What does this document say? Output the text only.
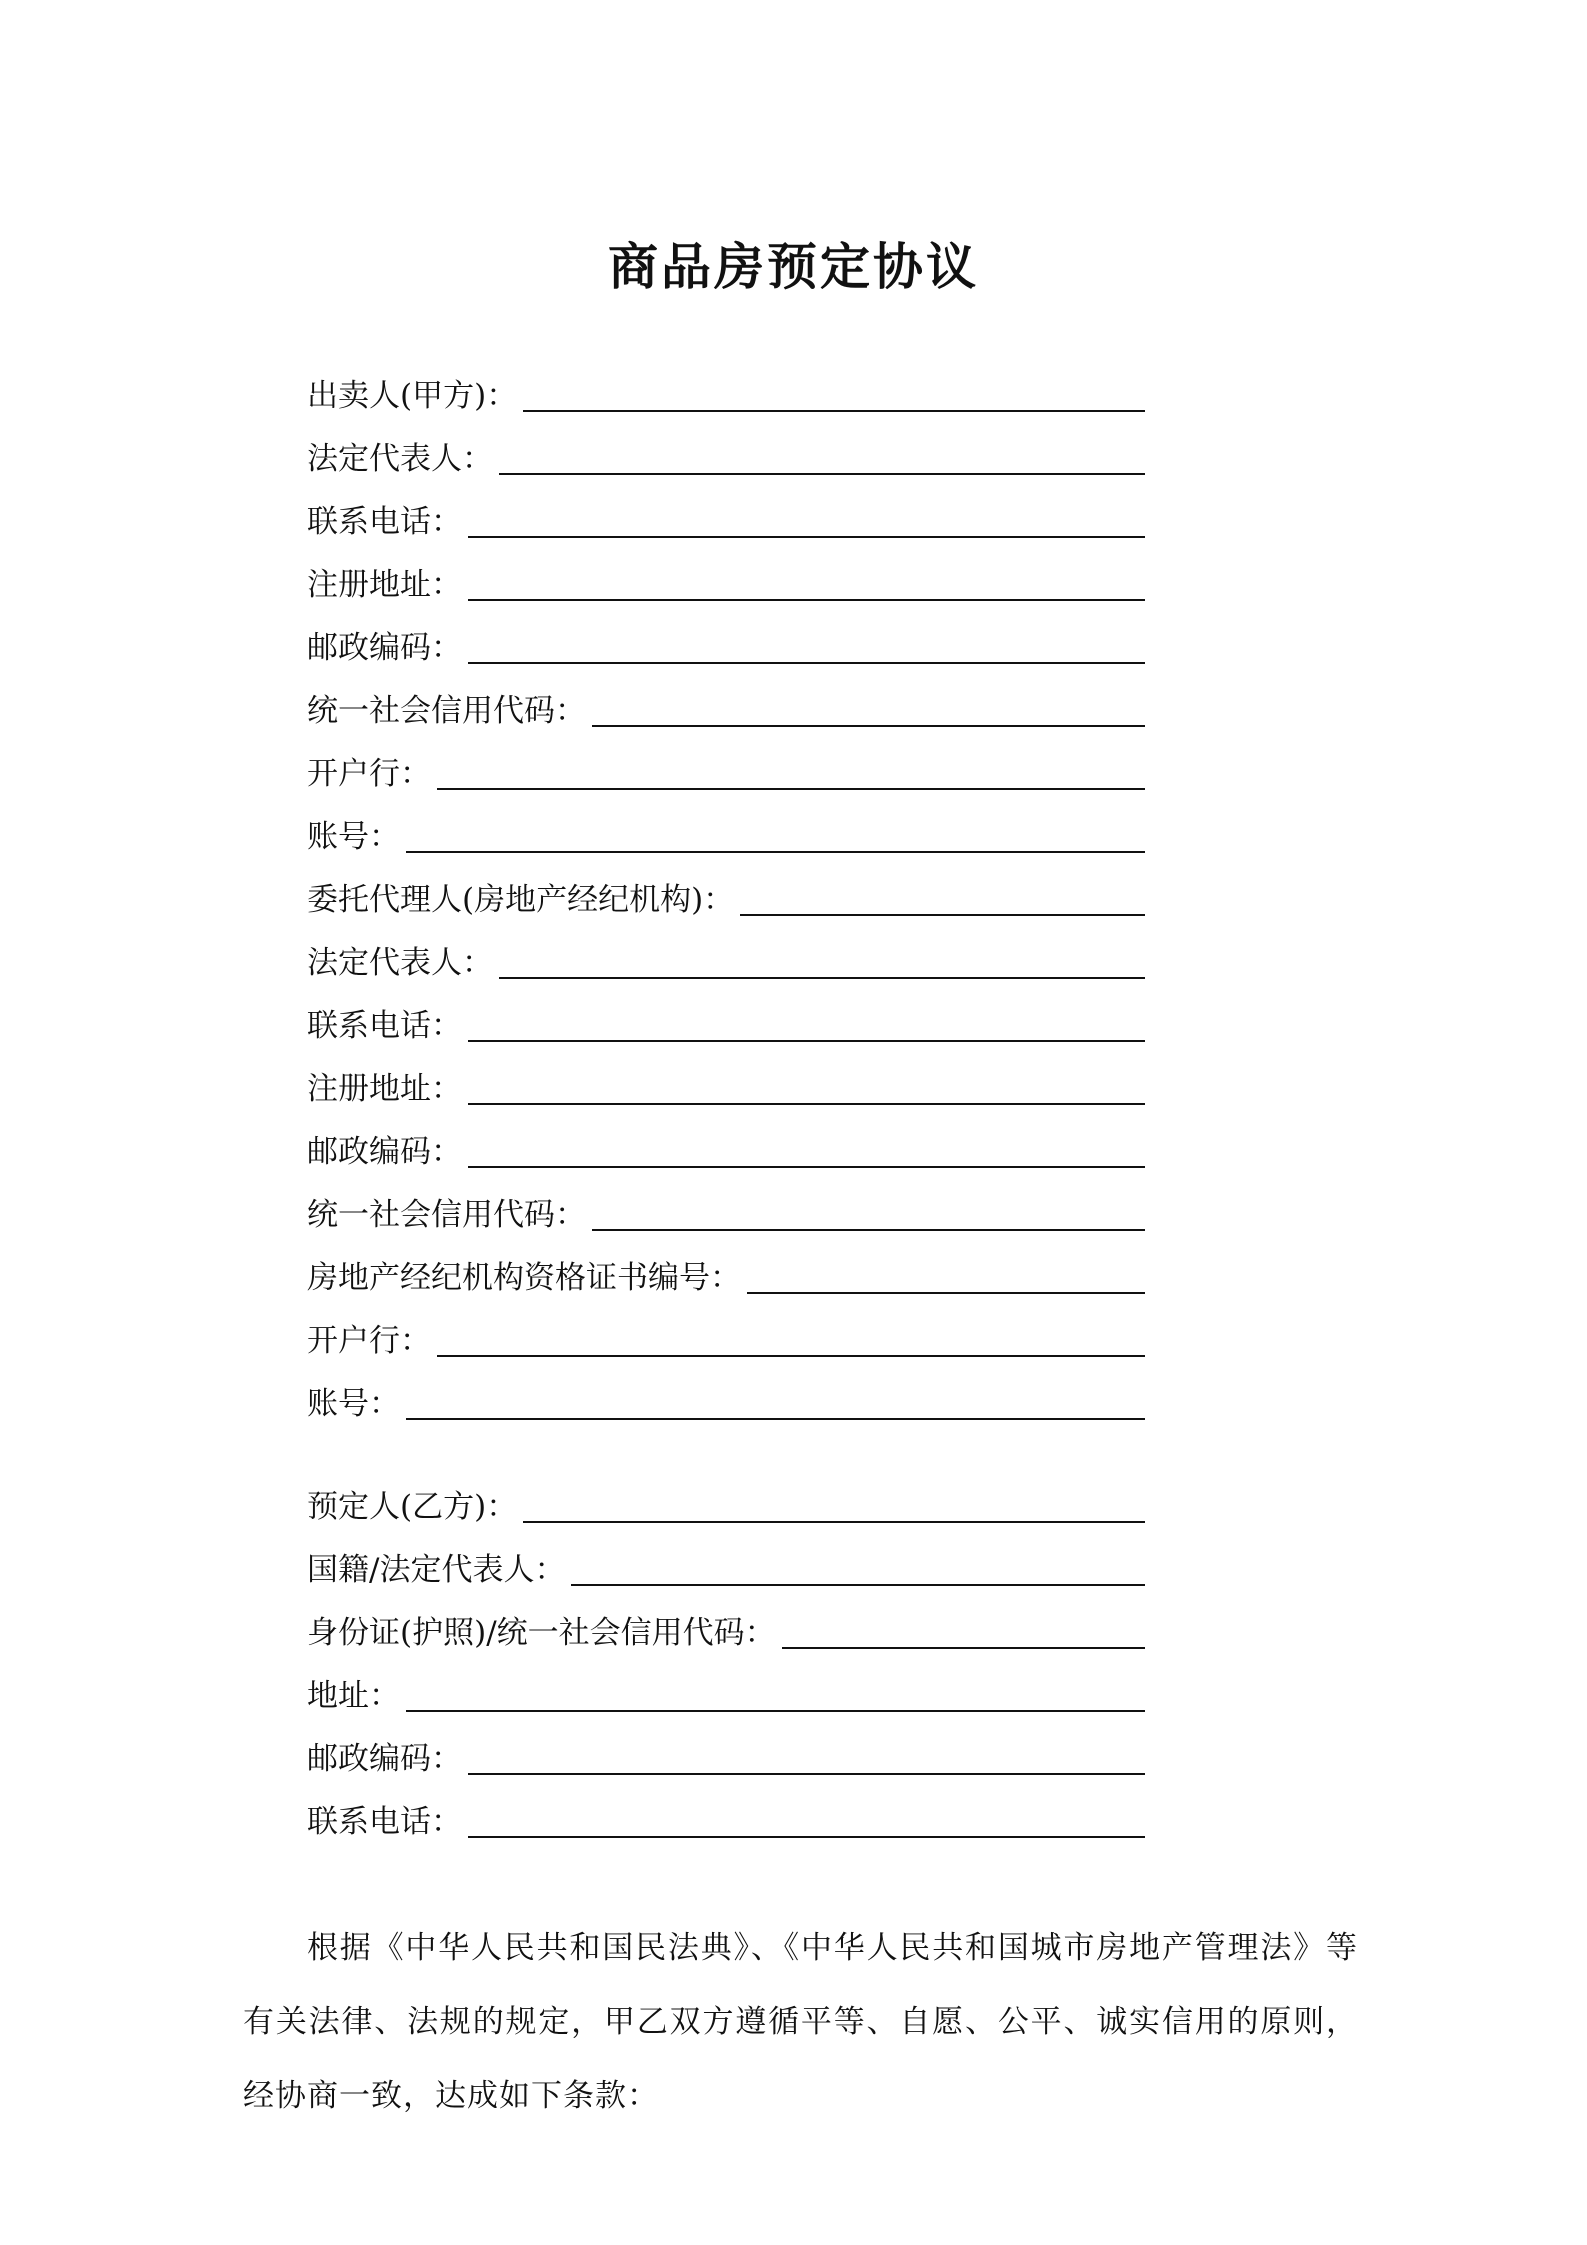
商品房预定协议
出卖人(甲方)：
法定代表人：
联系电话：
注册地址：
邮政编码：
统一社会信用代码：
开户行：
账号：
委托代理人(房地产经纪机构)：
法定代表人：
联系电话：
注册地址：
邮政编码：
统一社会信用代码：
房地产经纪机构资格证书编号：
开户行：
账号：
预定人(乙方)：
国籍/法定代表人：
身份证(护照)/统一社会信用代码：
地址：
邮政编码：
联系电话：

根据《中华人民共和国民法典》、《中华人民共和国城市房地产管理法》等有关法律、法规的规定，甲乙双方遵循平等、自愿、公平、诚实信用的原则，经协商一致，达成如下条款：
